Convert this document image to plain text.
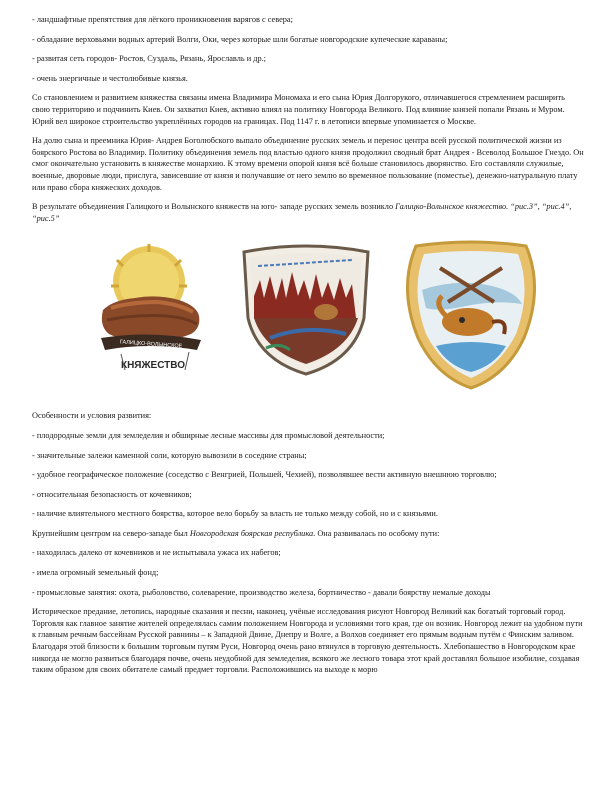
- ландшафтные препятствия для лёгкого проникновения варягов с севера;

- обладание верховьями водных артерий Волги, Оки, через которые шли богатые новгородские купеческие караваны;

- развитая сеть городов- Ростов, Суздаль, Рязань, Ярославль и др.;

- очень энергичные и честолюбивые князья.

Со становлением и развитием княжества связаны имена Владимира Мономаха и его сына Юрия Долгорукого, отличавшегося стремлением расширить свою территорию и подчинить Киев. Он захватил Киев, активно влиял на политику Новгорода Великого. Под влияние князей попали Рязань и Муром. Юрий вел широкое строительство укреплённых городов на границах. Под 1147 г. в летописи впервые упоминается о Москве.

На долю сына и преемника Юрия- Андрея Боголюбского выпало объединение русских земель и перенос центра всей русской политической жизни из боярского Ростова во Владимир. Политику объединения земель под властью одного князя продолжил сводный брат Андрея - Всеволод Большое Гнездо. Он смог окончательно установить в княжестве монархию. К этому времени опорой князя всё больше становилось дворянство. Его составляли служилые, военные, дворовые люди, прислуга, зависевшие от князя и получавшие от него землю во временное пользование (поместье), денежно-натуральную плату или право сбора княжеских доходов.

В результате объединения Галицкого и Волынского княжеств на юго- западе русских земель возникло Галицко-Волынское княжество. “рис.3”, “рис.4”, “рис.5”

ГАЛИЦКО-ВОЛЫНСКОЕ
КНЯЖЕСТВО

Особенности и условия развития:

- плодородные земли для земледелия и обширные лесные массивы для промысловой деятельности;

- значительные залежи каменной соли, которую вывозили в соседние страны;

- удобное географическое положение (соседство с Венгрией, Польшей, Чехией), позволявшее вести активную внешнюю торговлю;

- относительная безопасность от кочевников;

- наличие влиятельного местного боярства, которое вело борьбу за власть не только между собой, но и с князьями.

Крупнейшим центром на северо-западе был Новгородская боярская республика. Она развивалась по особому пути:

- находилась далеко от кочевников и не испытывала ужаса их набегов;

- имела огромный земельный фонд;

- промысловые занятия: охота, рыболовство, солеварение, производство железа, бортничество - давали боярству немалые доходы

Историческое предание, летопись, народные сказания и песни, наконец, учёные исследования рисуют Новгород Великий как богатый торговый город. Торговля как главное занятие жителей определялась самим положением Новгорода и условиями того края, где он возник. Новгород лежит на удобном пути к главным речным бассейнам Русской равнины – к Западной Двине, Днепру и Волге, а Волхов соединяет его прямым водным путём с Финским заливом. Благодаря этой близости к большим торговым путям Руси, Новгород очень рано втянулся в торговую деятельность. Хлебопашество в Новгородском крае никогда не могло развиться благодаря почве, очень неудобной для земледелия, всякого же лесного товара этот край доставлял большое изобилие, создавая таким образом для своих обитателе самый предмет торговли. Расположившись на выходе к морю
